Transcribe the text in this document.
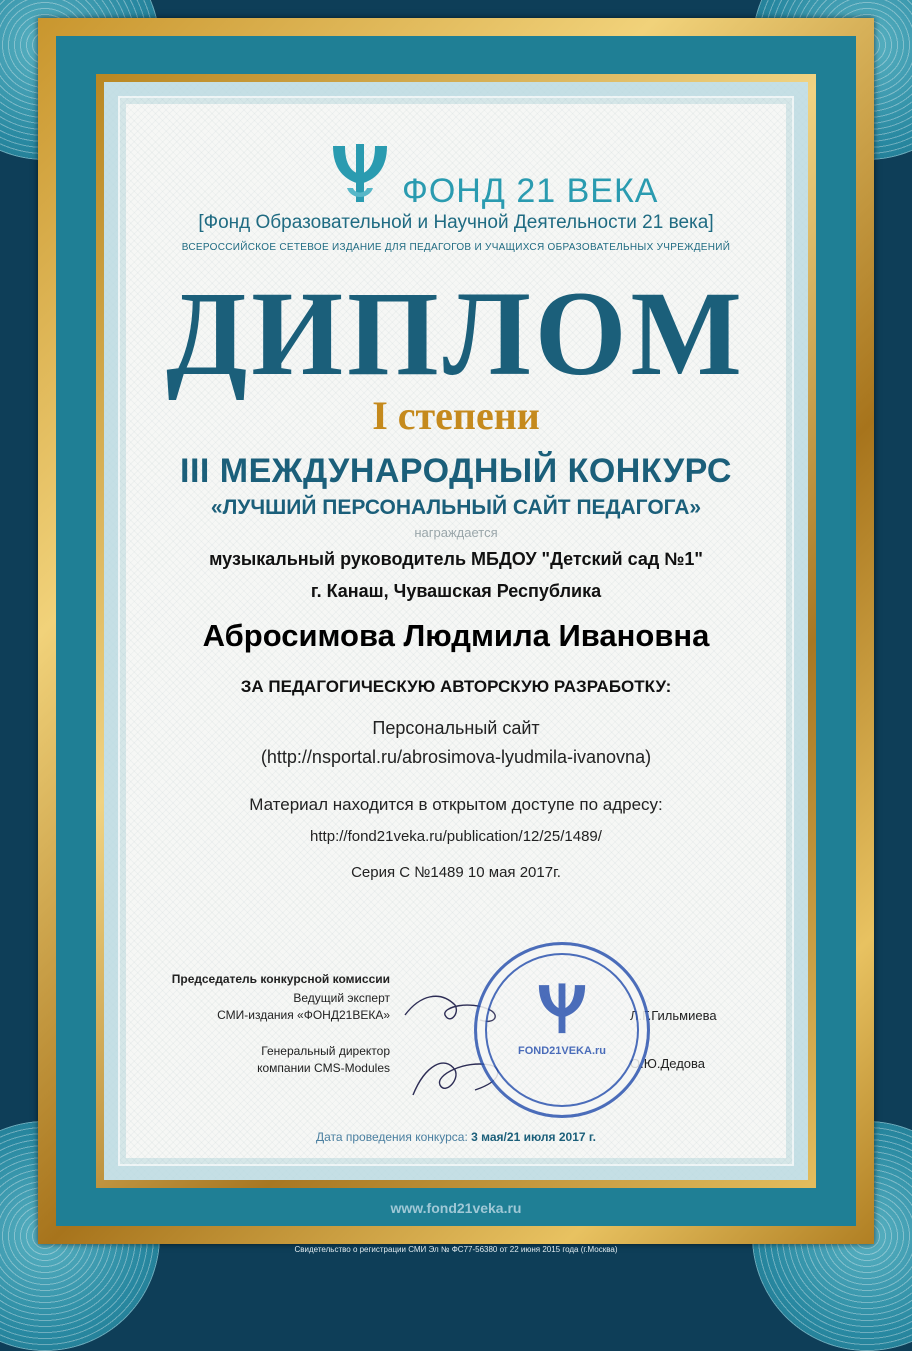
ФОНД 21 ВЕКА
[Фонд Образовательной и Научной Деятельности 21 века]
ВСЕРОССИЙСКОЕ СЕТЕВОЕ ИЗДАНИЕ ДЛЯ ПЕДАГОГОВ И УЧАЩИХСЯ ОБРАЗОВАТЕЛЬНЫХ УЧРЕЖДЕНИЙ
ДИПЛОМ
I степени
III МЕЖДУНАРОДНЫЙ КОНКУРС
«ЛУЧШИЙ ПЕРСОНАЛЬНЫЙ САЙТ ПЕДАГОГА»
награждается
музыкальный руководитель МБДОУ "Детский сад №1"
г. Канаш, Чувашская Республика
Абросимова Людмила Ивановна
ЗА ПЕДАГОГИЧЕСКУЮ АВТОРСКУЮ РАЗРАБОТКУ:
Персональный сайт
(http://nsportal.ru/abrosimova-lyudmila-ivanovna)
Материал находится в открытом доступе по адресу:
http://fond21veka.ru/publication/12/25/1489/
Серия С №1489 10 мая 2017г.
Председатель конкурсной комиссии
Ведущий эксперт
СМИ-издания «ФОНД21ВЕКА»
Генеральный директор
компании CMS-Modules
Л.Г.Гильмиева
О.Ю.Дедова
FOND21VEKA.ru
Дата проведения конкурса: 3 мая/21 июля 2017 г.
www.fond21veka.ru
Свидетельство о регистрации СМИ Эл № ФС77-56380 от 22 июня 2015 года (г.Москва)
